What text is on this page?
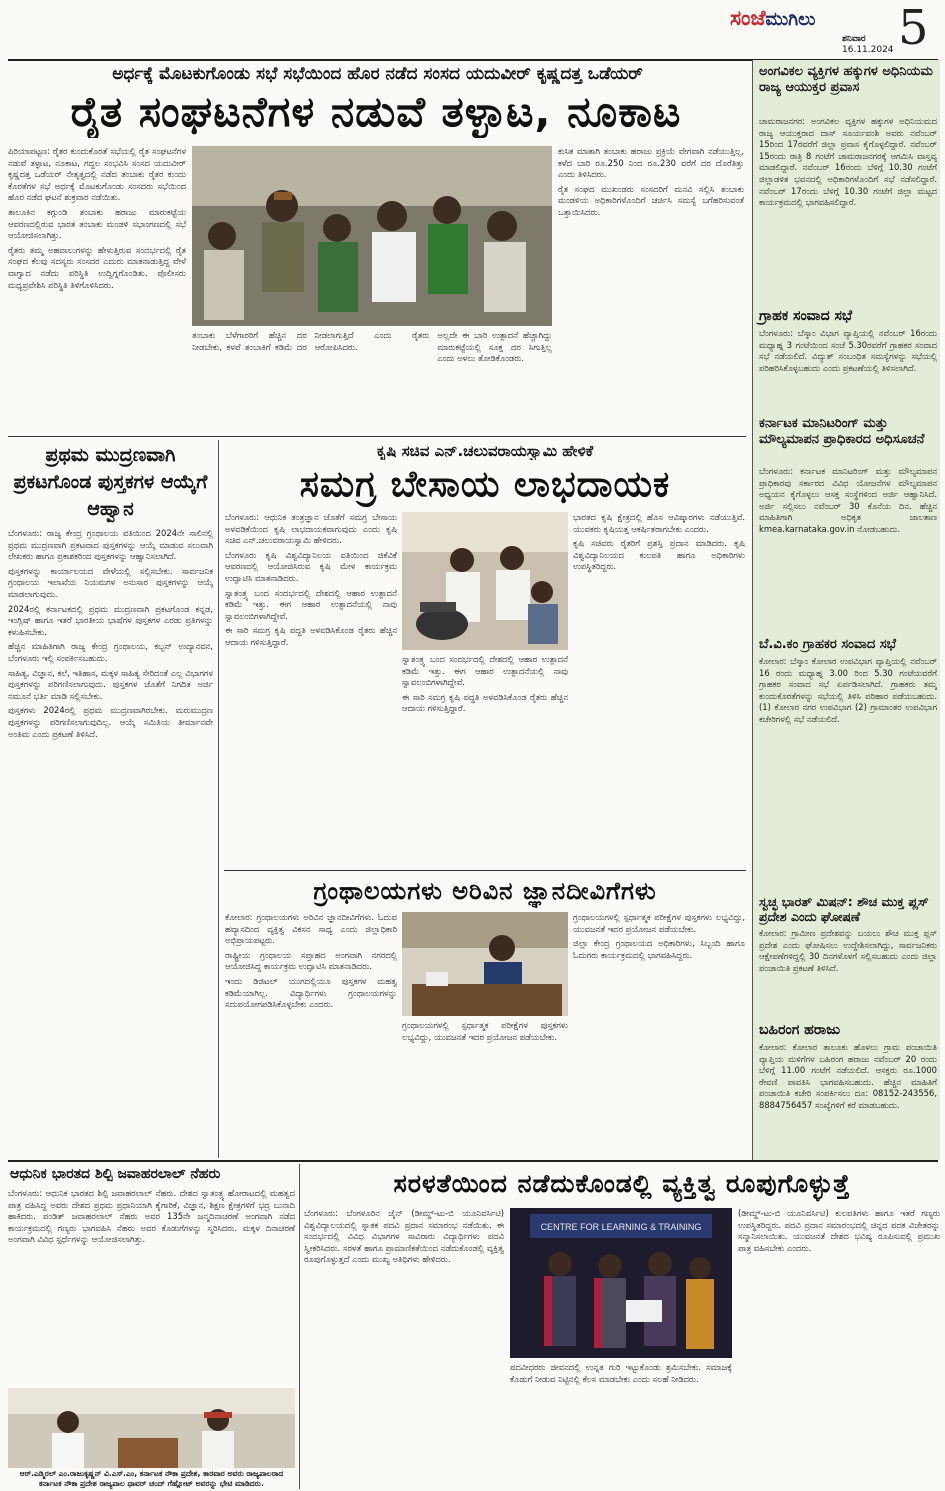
ಸಂಜೆಮುಗಿಲು
ಶನಿವಾರ
16.11.2024 5
ಅರ್ಧಕ್ಕೆ ಮೊಟಕುಗೊಂಡು ಸಭೆ ಸಭೆಯಿಂದ ಹೊರ ನಡೆದ ಸಂಸದ ಯದುವೀರ್ ಕೃಷ್ಣದತ್ತ ಒಡೆಯರ್
ರೈತ ಸಂಘಟನೆಗಳ ನಡುವೆ ತಳ್ಳಾಟ, ನೂಕಾಟ

ಪಿರಿಯಾಪಟ್ಟಣ: ರೈತರ ಕುಂದುಕೊರತೆ ಸಭೆಯಲ್ಲಿ ರೈತ ಸಂಘಟನೆಗಳ ನಡುವೆ ತಳ್ಳಾಟ, ನೂಕಾಟ, ಗದ್ದಲ ಸಂಭವಿಸಿ ಸಂಸದ ಯದುವೀರ್ ಕೃಷ್ಣದತ್ತ ಒಡೆಯರ್ ನೇತೃತ್ವದಲ್ಲಿ ನಡೆದ ತಂಬಾಕು ರೈತರ ಕುಂದು ಕೊರತೆಗಳ ಸಭೆ ಅರ್ಧಕ್ಕೆ ಮೊಟಕುಗೊಂಡು ಸಂಸದರು ಸಭೆಯಿಂದ ಹೊರ ನಡೆದ ಘಟನೆ ಶುಕ್ರವಾರ ನಡೆಯಿತು.

ತಾಲೂಕಿನ ಕಗ್ಗುಂಡಿ ತಂಬಾಕು ಹರಾಜು ಮಾರುಕಟ್ಟೆಯ ಆವರಣದಲ್ಲಿರುವ ಭಾರತ ತಂಬಾಕು ಮಂಡಳಿ ಸಭಾಂಗಣದಲ್ಲಿ ಸಭೆ ಆಯೋಜಿಸಲಾಗಿತ್ತು.

ರೈತರು ತಮ್ಮ ಅಹವಾಲುಗಳನ್ನು ಹೇಳುತ್ತಿರುವ ಸಂದರ್ಭದಲ್ಲಿ ರೈತ ಸಂಘದ ಕೆಲವು ಸದಸ್ಯರು ಸಂಸದರ ಎದುರು ಮಾತನಾಡುತ್ತಿದ್ದ ವೇಳೆ ವಾಗ್ವಾದ ನಡೆದು ಪರಿಸ್ಥಿತಿ ಉದ್ವಿಗ್ನಗೊಂಡಿತು. ಪೊಲೀಸರು ಮಧ್ಯಪ್ರವೇಶಿಸಿ ಪರಿಸ್ಥಿತಿ ತಿಳಿಗೊಳಿಸಿದರು.

ತಂಬಾಕು ಬೆಳೆಗಾರರಿಗೆ ಹೆಚ್ಚಿನ ದರ ನೀಡಬೇಕು, ಕಳಪೆ ತಂಬಾಕಿಗೆ ಕಡಿಮೆ ದರ ನೀಡಲಾಗುತ್ತಿದೆ ಎಂದು ರೈತರು ಆರೋಪಿಸಿದರು.

ಅಲ್ಲದೇ ಈ ಬಾರಿ ಉತ್ಪಾದನೆ ಹೆಚ್ಚಾಗಿದ್ದು ಮಾರುಕಟ್ಟೆಯಲ್ಲಿ ಸೂಕ್ತ ದರ ಸಿಗುತ್ತಿಲ್ಲ ಎಂದು ಅಳಲು ತೋಡಿಕೊಂಡರು.

ಕುಸಿತ ಮಾತಾಗಿ ತಂಬಾಕು ಹರಾಜು ಪ್ರಕ್ರಿಯೆ ವೇಗವಾಗಿ ನಡೆಯುತ್ತಿಲ್ಲ, ಕಳೆದ ಬಾರಿ ರೂ.250 ನಿಂದ ರೂ.230 ವರೆಗೆ ದರ ದೊರೆತಿತ್ತು ಎಂದು ತಿಳಿಸಿದರು.

ರೈತ ಸಂಘದ ಮುಖಂಡರು ಸಂಸದರಿಗೆ ಮನವಿ ಸಲ್ಲಿಸಿ ತಂಬಾಕು ಮಂಡಳಿಯ ಅಧಿಕಾರಿಗಳೊಂದಿಗೆ ಚರ್ಚಿಸಿ ಸಮಸ್ಯೆ ಬಗೆಹರಿಸುವಂತೆ ಒತ್ತಾಯಿಸಿದರು.

ಪ್ರಥಮ ಮುದ್ರಣವಾಗಿ ಪ್ರಕಟಗೊಂಡ ಪುಸ್ತಕಗಳ ಆಯ್ಕೆಗೆ ಆಹ್ವಾನ

ಬೆಂಗಳೂರು: ರಾಜ್ಯ ಕೇಂದ್ರ ಗ್ರಂಥಾಲಯ ವತಿಯಿಂದ 2024ನೇ ಸಾಲಿನಲ್ಲಿ ಪ್ರಥಮ ಮುದ್ರಣವಾಗಿ ಪ್ರಕಟವಾದ ಪುಸ್ತಕಗಳನ್ನು ಆಯ್ಕೆ ಮಾಡುವ ಸಲುವಾಗಿ ಲೇಖಕರು ಹಾಗೂ ಪ್ರಕಾಶಕರಿಂದ ಪುಸ್ತಕಗಳನ್ನು ಆಹ್ವಾನಿಸಲಾಗಿದೆ.

ಪುಸ್ತಕಗಳನ್ನು ಕಾರ್ಯಾಲಯದ ವೇಳೆಯಲ್ಲಿ ಸಲ್ಲಿಸಬೇಕು. ಸಾರ್ವಜನಿಕ ಗ್ರಂಥಾಲಯ ಇಲಾಖೆಯ ನಿಯಮಗಳ ಅನುಸಾರ ಪುಸ್ತಕಗಳನ್ನು ಆಯ್ಕೆ ಮಾಡಲಾಗುವುದು.

2024ರಲ್ಲಿ ಕರ್ನಾಟಕದಲ್ಲಿ ಪ್ರಥಮ ಮುದ್ರಣವಾಗಿ ಪ್ರಕಟಗೊಂಡ ಕನ್ನಡ, ಇಂಗ್ಲಿಷ್ ಹಾಗೂ ಇತರೆ ಭಾರತೀಯ ಭಾಷೆಗಳ ಪುಸ್ತಕಗಳ ಎರಡು ಪ್ರತಿಗಳನ್ನು ಕಳುಹಿಸಬೇಕು.

ಹೆಚ್ಚಿನ ಮಾಹಿತಿಗಾಗಿ ರಾಜ್ಯ ಕೇಂದ್ರ ಗ್ರಂಥಾಲಯ, ಕಬ್ಬನ್ ಉದ್ಯಾನವನ, ಬೆಂಗಳೂರು ಇಲ್ಲಿ ಸಂಪರ್ಕಿಸಬಹುದು.

ಸಾಹಿತ್ಯ, ವಿಜ್ಞಾನ, ಕಲೆ, ಇತಿಹಾಸ, ಮಕ್ಕಳ ಸಾಹಿತ್ಯ ಸೇರಿದಂತೆ ಎಲ್ಲ ವಿಭಾಗಗಳ ಪುಸ್ತಕಗಳನ್ನು ಪರಿಗಣಿಸಲಾಗುವುದು. ಪುಸ್ತಕಗಳ ಜೊತೆಗೆ ನಿಗದಿತ ಅರ್ಜಿ ನಮೂನೆ ಭರ್ತಿ ಮಾಡಿ ಸಲ್ಲಿಸಬೇಕು.

ಪುಸ್ತಕಗಳು 2024ರಲ್ಲಿ ಪ್ರಥಮ ಮುದ್ರಣವಾಗಿರಬೇಕು. ಮರುಮುದ್ರಣ ಪುಸ್ತಕಗಳನ್ನು ಪರಿಗಣಿಸಲಾಗುವುದಿಲ್ಲ. ಆಯ್ಕೆ ಸಮಿತಿಯ ತೀರ್ಮಾನವೇ ಅಂತಿಮ ಎಂದು ಪ್ರಕಟಣೆ ತಿಳಿಸಿದೆ.

ಕೃಷಿ ಸಚಿವ ಎನ್.ಚಲುವರಾಯಸ್ವಾಮಿ ಹೇಳಿಕೆ
ಸಮಗ್ರ ಬೇಸಾಯ ಲಾಭದಾಯಕ

ಬೆಂಗಳೂರು: ಆಧುನಿಕ ತಂತ್ರಜ್ಞಾನ ಜೊತೆಗೆ ಸಮಗ್ರ ಬೇಸಾಯ ಅಳವಡಿಕೆಯಿಂದ ಕೃಷಿ ಲಾಭದಾಯಕವಾಗುವುದು ಎಂದು ಕೃಷಿ ಸಚಿವ ಎನ್.ಚಲುವರಾಯಸ್ವಾಮಿ ಹೇಳಿದರು.

ಬೆಂಗಳೂರು ಕೃಷಿ ವಿಶ್ವವಿದ್ಯಾನಿಲಯ ವತಿಯಿಂದ ಜಿಕೆವಿಕೆ ಆವರಣದಲ್ಲಿ ಆಯೋಜಿಸಿರುವ ಕೃಷಿ ಮೇಳ ಕಾರ್ಯಕ್ರಮ ಉದ್ಘಾಟಿಸಿ ಮಾತನಾಡಿದರು.

ಸ್ವಾತಂತ್ರ್ಯ ಬಂದ ಸಂದರ್ಭದಲ್ಲಿ ದೇಶದಲ್ಲಿ ಆಹಾರ ಉತ್ಪಾದನೆ ಕಡಿಮೆ ಇತ್ತು. ಈಗ ಆಹಾರ ಉತ್ಪಾದನೆಯಲ್ಲಿ ನಾವು ಸ್ವಾವಲಂಬಿಗಳಾಗಿದ್ದೇವೆ.

ಈ ಸಾರಿ ಸಮಗ್ರ ಕೃಷಿ ಪದ್ಧತಿ ಅಳವಡಿಸಿಕೊಂಡ ರೈತರು ಹೆಚ್ಚಿನ ಆದಾಯ ಗಳಿಸುತ್ತಿದ್ದಾರೆ.

ಸ್ವಾತಂತ್ರ್ಯ ಬಂದ ಸಂದರ್ಭದಲ್ಲಿ ದೇಶದಲ್ಲಿ ಆಹಾರ ಉತ್ಪಾದನೆ ಕಡಿಮೆ ಇತ್ತು. ಈಗ ಆಹಾರ ಉತ್ಪಾದನೆಯಲ್ಲಿ ನಾವು ಸ್ವಾವಲಂಬಿಗಳಾಗಿದ್ದೇವೆ.

ಈ ಸಾರಿ ಸಮಗ್ರ ಕೃಷಿ ಪದ್ಧತಿ ಅಳವಡಿಸಿಕೊಂಡ ರೈತರು ಹೆಚ್ಚಿನ ಆದಾಯ ಗಳಿಸುತ್ತಿದ್ದಾರೆ.

ಭಾರತದ ಕೃಷಿ ಕ್ಷೇತ್ರದಲ್ಲಿ ಹೊಸ ಆವಿಷ್ಕಾರಗಳು ನಡೆಯುತ್ತಿವೆ. ಯುವಕರು ಕೃಷಿಯತ್ತ ಆಕರ್ಷಿತರಾಗಬೇಕು ಎಂದರು.

ಕೃಷಿ ಸಚಿವರು ರೈತರಿಗೆ ಪ್ರಶಸ್ತಿ ಪ್ರದಾನ ಮಾಡಿದರು. ಕೃಷಿ ವಿಶ್ವವಿದ್ಯಾನಿಲಯದ ಕುಲಪತಿ ಹಾಗೂ ಅಧಿಕಾರಿಗಳು ಉಪಸ್ಥಿತರಿದ್ದರು.

ಗ್ರಂಥಾಲಯಗಳು ಅರಿವಿನ ಜ್ಞಾನದೀವಿಗೆಗಳು

ಕೋಲಾರ: ಗ್ರಂಥಾಲಯಗಳು ಅರಿವಿನ ಜ್ಞಾನದೀವಿಗೆಗಳು. ಓದುವ ಹವ್ಯಾಸದಿಂದ ವ್ಯಕ್ತಿತ್ವ ವಿಕಸನ ಸಾಧ್ಯ ಎಂದು ಜಿಲ್ಲಾಧಿಕಾರಿ ಅಭಿಪ್ರಾಯಪಟ್ಟರು.

ರಾಷ್ಟ್ರೀಯ ಗ್ರಂಥಾಲಯ ಸಪ್ತಾಹದ ಅಂಗವಾಗಿ ನಗರದಲ್ಲಿ ಆಯೋಜಿಸಿದ್ದ ಕಾರ್ಯಕ್ರಮ ಉದ್ಘಾಟಿಸಿ ಮಾತನಾಡಿದರು.

ಇಂದು ಡಿಜಿಟಲ್ ಯುಗದಲ್ಲಿಯೂ ಪುಸ್ತಕಗಳ ಮಹತ್ವ ಕಡಿಮೆಯಾಗಿಲ್ಲ. ವಿದ್ಯಾರ್ಥಿಗಳು ಗ್ರಂಥಾಲಯಗಳನ್ನು ಸದುಪಯೋಗಪಡಿಸಿಕೊಳ್ಳಬೇಕು ಎಂದರು.

ಗ್ರಂಥಾಲಯಗಳಲ್ಲಿ ಸ್ಪರ್ಧಾತ್ಮಕ ಪರೀಕ್ಷೆಗಳ ಪುಸ್ತಕಗಳು ಲಭ್ಯವಿದ್ದು, ಯುವಜನತೆ ಇದರ ಪ್ರಯೋಜನ ಪಡೆಯಬೇಕು.

ಗ್ರಂಥಾಲಯಗಳಲ್ಲಿ ಸ್ಪರ್ಧಾತ್ಮಕ ಪರೀಕ್ಷೆಗಳ ಪುಸ್ತಕಗಳು ಲಭ್ಯವಿದ್ದು, ಯುವಜನತೆ ಇದರ ಪ್ರಯೋಜನ ಪಡೆಯಬೇಕು.

ಜಿಲ್ಲಾ ಕೇಂದ್ರ ಗ್ರಂಥಾಲಯದ ಅಧಿಕಾರಿಗಳು, ಸಿಬ್ಬಂದಿ ಹಾಗೂ ಓದುಗರು ಕಾರ್ಯಕ್ರಮದಲ್ಲಿ ಭಾಗವಹಿಸಿದ್ದರು.

ಅಂಗವಿಕಲ ವ್ಯಕ್ತಿಗಳ ಹಕ್ಕುಗಳ ಅಧಿನಿಯಮ ರಾಜ್ಯ ಆಯುಕ್ತರ ಪ್ರವಾಸ
ಚಾಮರಾಜನಗರ: ಅಂಗವಿಕಲ ವ್ಯಕ್ತಿಗಳ ಹಕ್ಕುಗಳ ಅಧಿನಿಯಮದ ರಾಜ್ಯ ಆಯುಕ್ತರಾದ ದಾಸ್ ಸೂರ್ಯವಂಶಿ ಅವರು ನವೆಂಬರ್ 15ರಿಂದ 17ರವರೆಗೆ ಜಿಲ್ಲಾ ಪ್ರವಾಸ ಕೈಗೊಳ್ಳಲಿದ್ದಾರೆ. ನವೆಂಬರ್ 15ರಂದು ರಾತ್ರಿ 8 ಗಂಟೆಗೆ ಚಾಮರಾಜನಗರಕ್ಕೆ ಆಗಮಿಸಿ ವಾಸ್ತವ್ಯ ಮಾಡಲಿದ್ದಾರೆ. ನವೆಂಬರ್ 16ರಂದು ಬೆಳಿಗ್ಗೆ 10.30 ಗಂಟೆಗೆ ಜಿಲ್ಲಾಡಳಿತ ಭವನದಲ್ಲಿ ಅಧಿಕಾರಿಗಳೊಂದಿಗೆ ಸಭೆ ನಡೆಸಲಿದ್ದಾರೆ. ನವೆಂಬರ್ 17ರಂದು ಬೆಳಿಗ್ಗೆ 10.30 ಗಂಟೆಗೆ ಜಿಲ್ಲಾ ಮಟ್ಟದ ಕಾರ್ಯಕ್ರಮದಲ್ಲಿ ಭಾಗವಹಿಸಲಿದ್ದಾರೆ.
ಗ್ರಾಹಕ ಸಂವಾದ ಸಭೆ
ಬೆಂಗಳೂರು: ಬೆಸ್ಕಾಂ ವಿಭಾಗ ವ್ಯಾಪ್ತಿಯಲ್ಲಿ ನವೆಂಬರ್ 16ರಂದು ಮಧ್ಯಾಹ್ನ 3 ಗಂಟೆಯಿಂದ ಸಂಜೆ 5.30ರವರೆಗೆ ಗ್ರಾಹಕರ ಸಂವಾದ ಸಭೆ ನಡೆಯಲಿದೆ. ವಿದ್ಯುತ್ ಸಂಬಂಧಿತ ಸಮಸ್ಯೆಗಳನ್ನು ಸಭೆಯಲ್ಲಿ ಪರಿಹರಿಸಿಕೊಳ್ಳಬಹುದು ಎಂದು ಪ್ರಕಟಣೆಯಲ್ಲಿ ತಿಳಿಸಲಾಗಿದೆ.
ಕರ್ನಾಟಕ ಮಾನಿಟರಿಂಗ್ ಮತ್ತು ಮೌಲ್ಯಮಾಪನ ಪ್ರಾಧಿಕಾರದ ಅಧಿಸೂಚನೆ
ಬೆಂಗಳೂರು: ಕರ್ನಾಟಕ ಮಾನಿಟರಿಂಗ್ ಮತ್ತು ಮೌಲ್ಯಮಾಪನ ಪ್ರಾಧಿಕಾರವು ಸರ್ಕಾರದ ವಿವಿಧ ಯೋಜನೆಗಳ ಮೌಲ್ಯಮಾಪನ ಅಧ್ಯಯನ ಕೈಗೊಳ್ಳಲು ಆಸಕ್ತ ಸಂಸ್ಥೆಗಳಿಂದ ಅರ್ಜಿ ಆಹ್ವಾನಿಸಿದೆ. ಅರ್ಜಿ ಸಲ್ಲಿಸಲು ನವೆಂಬರ್ 30 ಕೊನೆಯ ದಿನ. ಹೆಚ್ಚಿನ ಮಾಹಿತಿಗಾಗಿ ಅಧಿಕೃತ ಜಾಲತಾಣ kmea.karnataka.gov.in ನೋಡಬಹುದು.
ಬೆ.ವಿ.ಕಂ ಗ್ರಾಹಕರ ಸಂವಾದ ಸಭೆ
ಕೋಲಾರ: ಬೆಸ್ಕಾಂ ಕೋಲಾರ ಉಪವಿಭಾಗ ವ್ಯಾಪ್ತಿಯಲ್ಲಿ ನವೆಂಬರ್ 16 ರಂದು ಮಧ್ಯಾಹ್ನ 3.00 ರಿಂದ 5.30 ಗಂಟೆಯವರೆಗೆ ಗ್ರಾಹಕರ ಸಂವಾದ ಸಭೆ ಏರ್ಪಡಿಸಲಾಗಿದೆ. ಗ್ರಾಹಕರು ತಮ್ಮ ಕುಂದುಕೊರತೆಗಳನ್ನು ಸಭೆಯಲ್ಲಿ ತಿಳಿಸಿ ಪರಿಹಾರ ಪಡೆಯಬಹುದು. (1) ಕೋಲಾರ ನಗರ ಉಪವಿಭಾಗ (2) ಗ್ರಾಮಾಂತರ ಉಪವಿಭಾಗ ಕಚೇರಿಗಳಲ್ಲಿ ಸಭೆ ನಡೆಯಲಿದೆ.
ಸ್ವಚ್ಛ ಭಾರತ್ ಮಿಷನ್: ಶೌಚ ಮುಕ್ತ ಪ್ಲಸ್ ಪ್ರದೇಶ ಎಂದು ಘೋಷಣೆ
ಕೋಲಾರ: ಗ್ರಾಮೀಣ ಪ್ರದೇಶವನ್ನು ಬಯಲು ಶೌಚ ಮುಕ್ತ ಪ್ಲಸ್ ಪ್ರದೇಶ ಎಂದು ಘೋಷಿಸಲು ಉದ್ದೇಶಿಸಲಾಗಿದ್ದು, ಸಾರ್ವಜನಿಕರು ಆಕ್ಷೇಪಣೆಗಳಿದ್ದಲ್ಲಿ 30 ದಿನಗಳೊಳಗೆ ಸಲ್ಲಿಸಬಹುದು ಎಂದು ಜಿಲ್ಲಾ ಪಂಚಾಯಿತಿ ಪ್ರಕಟಣೆ ತಿಳಿಸಿದೆ.
ಬಹಿರಂಗ ಹರಾಜು
ಕೋಲಾರ: ಕೋಲಾರ ತಾಲೂಕು ಹೊಳಲು ಗ್ರಾಮ ಪಂಚಾಯಿತಿ ವ್ಯಾಪ್ತಿಯ ಮಳಿಗೆಗಳ ಬಹಿರಂಗ ಹರಾಜು ನವೆಂಬರ್ 20 ರಂದು ಬೆಳಿಗ್ಗೆ 11.00 ಗಂಟೆಗೆ ನಡೆಯಲಿದೆ. ಆಸಕ್ತರು ರೂ.1000 ಠೇವಣಿ ಪಾವತಿಸಿ ಭಾಗವಹಿಸಬಹುದು. ಹೆಚ್ಚಿನ ಮಾಹಿತಿಗೆ ಪಂಚಾಯಿತಿ ಕಚೇರಿ ಸಂಪರ್ಕಿಸಲು ದೂ: 08152-243556, 8884756457 ಸಂಖ್ಯೆಗಳಿಗೆ ಕರೆ ಮಾಡಬಹುದು.
ಆಧುನಿಕ ಭಾರತದ ಶಿಲ್ಪಿ ಜವಾಹರಲಾಲ್ ನೆಹರು
ಬೆಂಗಳೂರು: ಆಧುನಿಕ ಭಾರತದ ಶಿಲ್ಪಿ ಜವಾಹರಲಾಲ್ ನೆಹರು. ದೇಶದ ಸ್ವಾತಂತ್ರ್ಯ ಹೋರಾಟದಲ್ಲಿ ಮಹತ್ವದ ಪಾತ್ರ ವಹಿಸಿದ್ದ ಅವರು ದೇಶದ ಪ್ರಥಮ ಪ್ರಧಾನಿಯಾಗಿ ಕೈಗಾರಿಕೆ, ವಿಜ್ಞಾನ, ಶಿಕ್ಷಣ ಕ್ಷೇತ್ರಗಳಿಗೆ ಭದ್ರ ಬುನಾದಿ ಹಾಕಿದರು. ಪಂಡಿತ್ ಜವಾಹರಲಾಲ್ ನೆಹರು ಅವರ 135ನೇ ಜನ್ಮದಿನಾಚರಣೆ ಅಂಗವಾಗಿ ನಡೆದ ಕಾರ್ಯಕ್ರಮದಲ್ಲಿ ಗಣ್ಯರು ಭಾಗವಹಿಸಿ ನೆಹರು ಅವರ ಕೊಡುಗೆಗಳನ್ನು ಸ್ಮರಿಸಿದರು. ಮಕ್ಕಳ ದಿನಾಚರಣೆ ಅಂಗವಾಗಿ ವಿವಿಧ ಸ್ಪರ್ಧೆಗಳನ್ನು ಆಯೋಜಿಸಲಾಗಿತ್ತು.
ಆರ್.ಎಡ್ಮಿರಲ್ ಎಂ.ರಾಜುಕೃಷ್ಣನ್ ವಿ.ಎಸ್.ಎಂ, ಕರ್ನಾಟಕ ನೌಕಾ ಪ್ರದೇಶ, ಕಾರವಾರ ಅವರು ರಾಜ್ಯಪಾಲರಾದ ಕರ್ನಾಟಕ ನೌಕಾ ಪ್ರದೇಶ ರಾಜ್ಯಪಾಲ ಥಾವರ್ ಚಂದ್ ಗೆಹ್ಲೋಟ್ ಅವರನ್ನು ಭೇಟಿ ಮಾಡಿದರು.
ಸರಳತೆಯಿಂದ ನಡೆದುಕೊಂಡಲ್ಲಿ ವ್ಯಕ್ತಿತ್ವ ರೂಪುಗೊಳ್ಳುತ್ತೆ
ಬೆಂಗಳೂರು: ಬೆಂಗಳೂರಿನ ಜೈನ್ (ಡೀಮ್ಡ್-ಟು-ಬಿ ಯೂನಿವರ್ಸಿಟಿ) ವಿಶ್ವವಿದ್ಯಾಲಯದಲ್ಲಿ ಸ್ನಾತಕ ಪದವಿ ಪ್ರದಾನ ಸಮಾರಂಭ ನಡೆಯಿತು. ಈ ಸಂದರ್ಭದಲ್ಲಿ ವಿವಿಧ ವಿಭಾಗಗಳ ಸಾವಿರಾರು ವಿದ್ಯಾರ್ಥಿಗಳು ಪದವಿ ಸ್ವೀಕರಿಸಿದರು. ಸರಳತೆ ಹಾಗೂ ಪ್ರಾಮಾಣಿಕತೆಯಿಂದ ನಡೆದುಕೊಂಡಲ್ಲಿ ವ್ಯಕ್ತಿತ್ವ ರೂಪುಗೊಳ್ಳುತ್ತದೆ ಎಂದು ಮುಖ್ಯ ಅತಿಥಿಗಳು ಹೇಳಿದರು.
CENTRE FOR LEARNING & TRAINING
ಪದವೀಧರರು ಜೀವನದಲ್ಲಿ ಉನ್ನತ ಗುರಿ ಇಟ್ಟುಕೊಂಡು ಶ್ರಮಿಸಬೇಕು. ಸಮಾಜಕ್ಕೆ ಕೊಡುಗೆ ನೀಡುವ ನಿಟ್ಟಿನಲ್ಲಿ ಕೆಲಸ ಮಾಡಬೇಕು ಎಂದು ಸಲಹೆ ನೀಡಿದರು.
(ಡೀಮ್ಡ್-ಟು-ಬಿ ಯೂನಿವರ್ಸಿಟಿ) ಕುಲಪತಿಗಳು ಹಾಗೂ ಇತರೆ ಗಣ್ಯರು ಉಪಸ್ಥಿತರಿದ್ದರು. ಪದವಿ ಪ್ರದಾನ ಸಮಾರಂಭದಲ್ಲಿ ಚಿನ್ನದ ಪದಕ ವಿಜೇತರನ್ನು ಸನ್ಮಾನಿಸಲಾಯಿತು. ಯುವಜನತೆ ದೇಶದ ಭವಿಷ್ಯ ರೂಪಿಸುವಲ್ಲಿ ಪ್ರಮುಖ ಪಾತ್ರ ವಹಿಸಬೇಕು ಎಂದರು.
